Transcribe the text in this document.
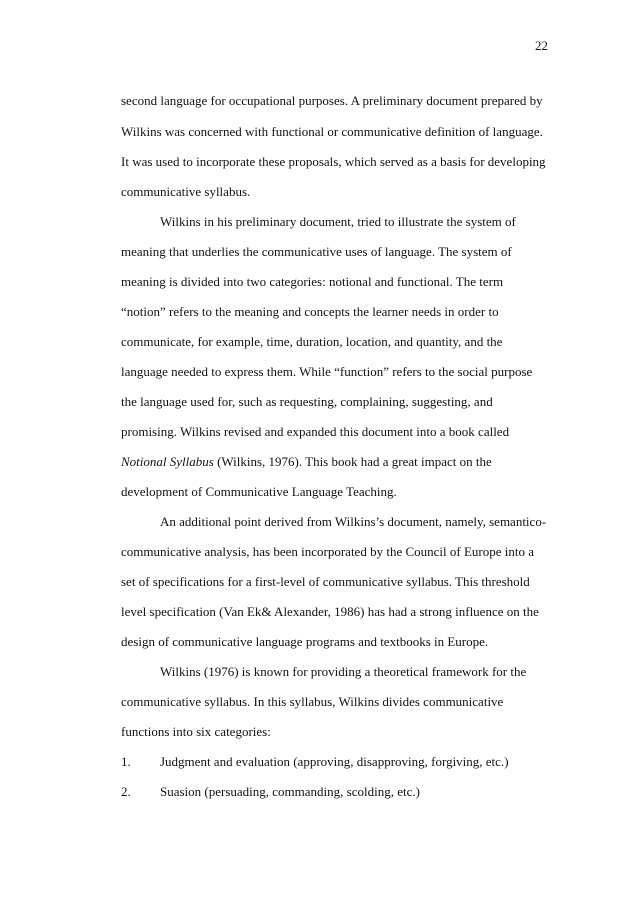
22
second language for occupational purposes. A preliminary document prepared by
Wilkins was concerned with functional or communicative definition of language.
It was used to incorporate these proposals, which served as a basis for developing
communicative syllabus.
Wilkins in his preliminary document, tried to illustrate the system of
meaning that underlies the communicative uses of language. The system of
meaning is divided into two categories: notional and functional. The term
“notion” refers to the meaning and concepts the learner needs in order to
communicate, for example, time, duration, location, and quantity, and the
language needed to express them. While “function” refers to the social purpose
the language used for, such as requesting, complaining, suggesting, and
promising. Wilkins revised and expanded this document into a book called
Notional Syllabus (Wilkins, 1976). This book had a great impact on the
development of Communicative Language Teaching.
An additional point derived from Wilkins’s document, namely, semantico-
communicative analysis, has been incorporated by the Council of Europe into a
set of specifications for a first-level of communicative syllabus. This threshold
level specification (Van Ek& Alexander, 1986) has had a strong influence on the
design of communicative language programs and textbooks in Europe.
Wilkins (1976) is known for providing a theoretical framework for the
communicative syllabus. In this syllabus, Wilkins divides communicative
functions into six categories:
1. Judgment and evaluation (approving, disapproving, forgiving, etc.)
2. Suasion (persuading, commanding, scolding, etc.)
